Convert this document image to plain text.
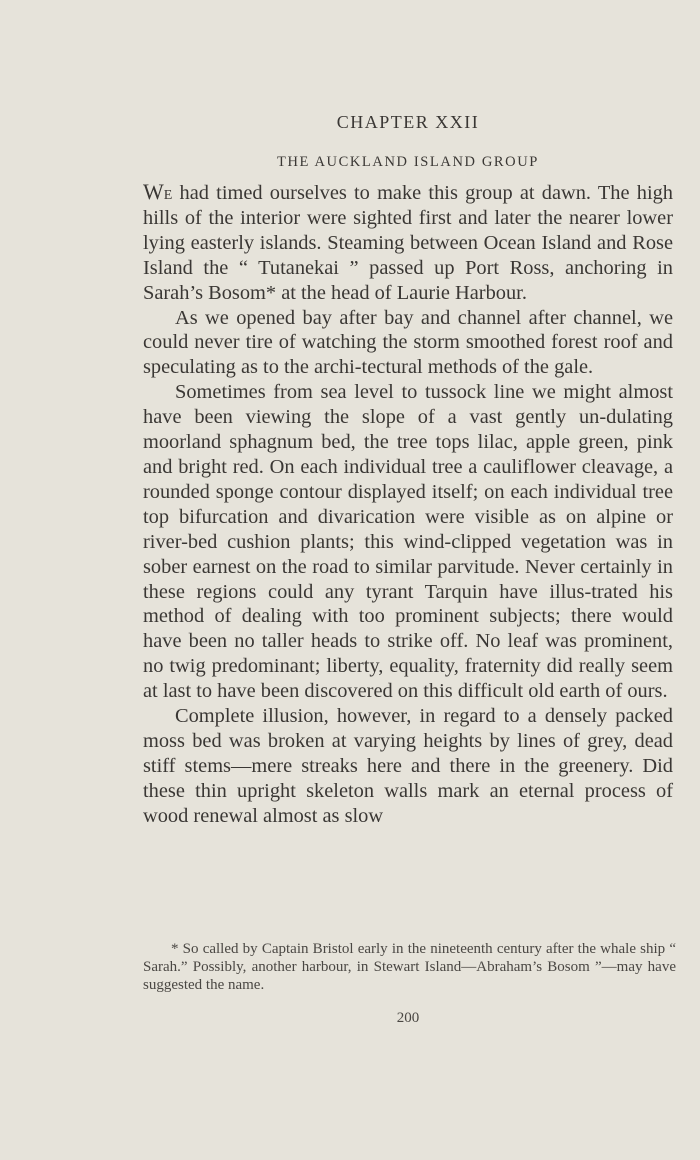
CHAPTER XXII
THE AUCKLAND ISLAND GROUP

We had timed ourselves to make this group at dawn. The high hills of the interior were sighted first and later the nearer lower lying easterly islands. Steaming between Ocean Island and Rose Island the “ Tutanekai ” passed up Port Ross, anchoring in Sarah’s Bosom* at the head of Laurie Harbour.

As we opened bay after bay and channel after channel, we could never tire of watching the storm smoothed forest roof and speculating as to the archi-tectural methods of the gale.

Sometimes from sea level to tussock line we might almost have been viewing the slope of a vast gently un-dulating moorland sphagnum bed, the tree tops lilac, apple green, pink and bright red. On each individual tree a cauliflower cleavage, a rounded sponge contour displayed itself; on each individual tree top bifurcation and divarication were visible as on alpine or river-bed cushion plants; this wind-clipped vegetation was in sober earnest on the road to similar parvitude. Never certainly in these regions could any tyrant Tarquin have illus-trated his method of dealing with too prominent subjects; there would have been no taller heads to strike off. No leaf was prominent, no twig predominant; liberty, equality, fraternity did really seem at last to have been discovered on this difficult old earth of ours.

Complete illusion, however, in regard to a densely packed moss bed was broken at varying heights by lines of grey, dead stiff stems—mere streaks here and there in the greenery. Did these thin upright skeleton walls mark an eternal process of wood renewal almost as slow

* So called by Captain Bristol early in the nineteenth century after the whale ship “ Sarah.” Possibly, another harbour, in Stewart Island—Abraham’s Bosom ”—may have suggested the name.
200
